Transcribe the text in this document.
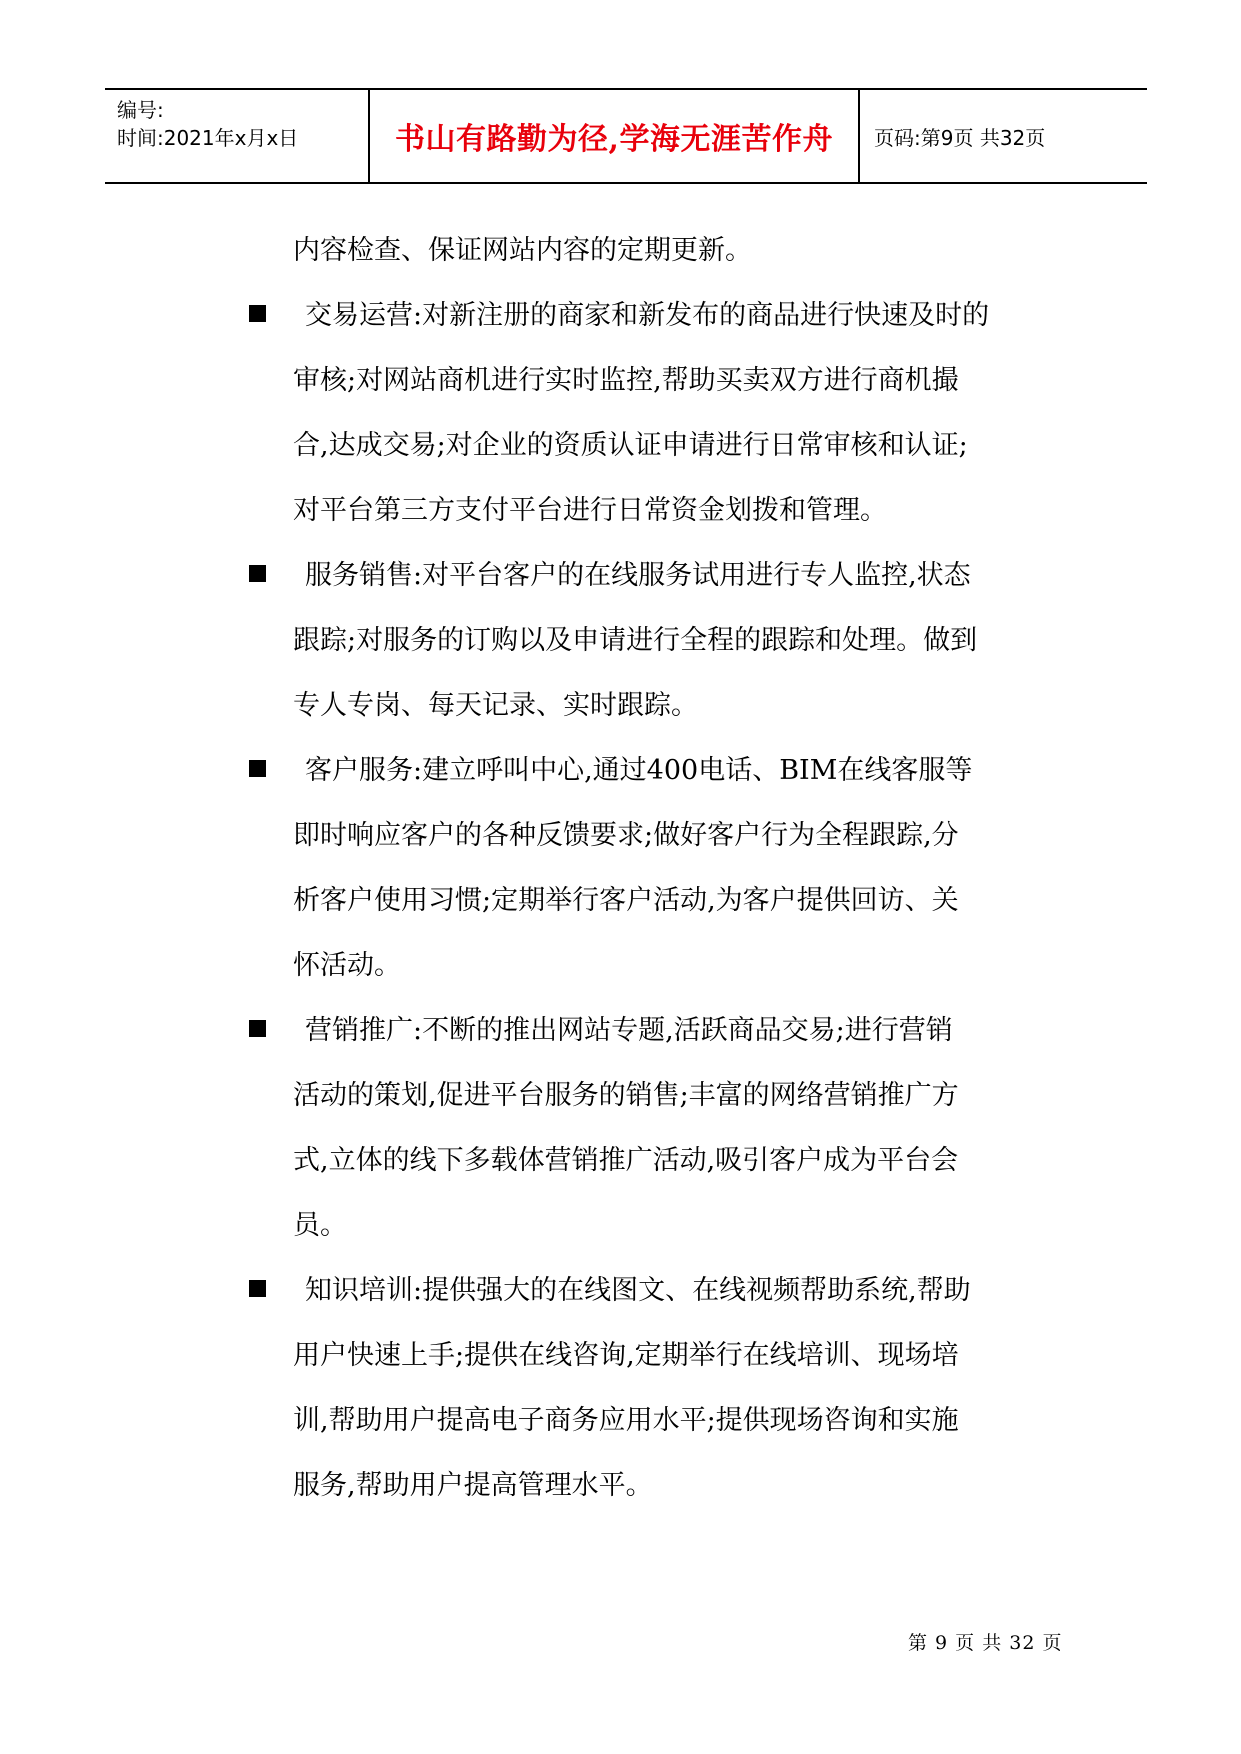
编号:
时间:2021年x月x日	书山有路勤为径,学海无涯苦作舟	页码:第9页 共32页
内容检查、保证网站内容的定期更新。
交易运营:对新注册的商家和新发布的商品进行快速及时的
审核;对网站商机进行实时监控,帮助买卖双方进行商机撮
合,达成交易;对企业的资质认证申请进行日常审核和认证;
对平台第三方支付平台进行日常资金划拨和管理。
服务销售:对平台客户的在线服务试用进行专人监控,状态
跟踪;对服务的订购以及申请进行全程的跟踪和处理。做到
专人专岗、每天记录、实时跟踪。
客户服务:建立呼叫中心,通过400电话、BIM在线客服等
即时响应客户的各种反馈要求;做好客户行为全程跟踪,分
析客户使用习惯;定期举行客户活动,为客户提供回访、关
怀活动。
营销推广:不断的推出网站专题,活跃商品交易;进行营销
活动的策划,促进平台服务的销售;丰富的网络营销推广方
式,立体的线下多载体营销推广活动,吸引客户成为平台会
员。
知识培训:提供强大的在线图文、在线视频帮助系统,帮助
用户快速上手;提供在线咨询,定期举行在线培训、现场培
训,帮助用户提高电子商务应用水平;提供现场咨询和实施
服务,帮助用户提高管理水平。
第 9 页 共 32 页
